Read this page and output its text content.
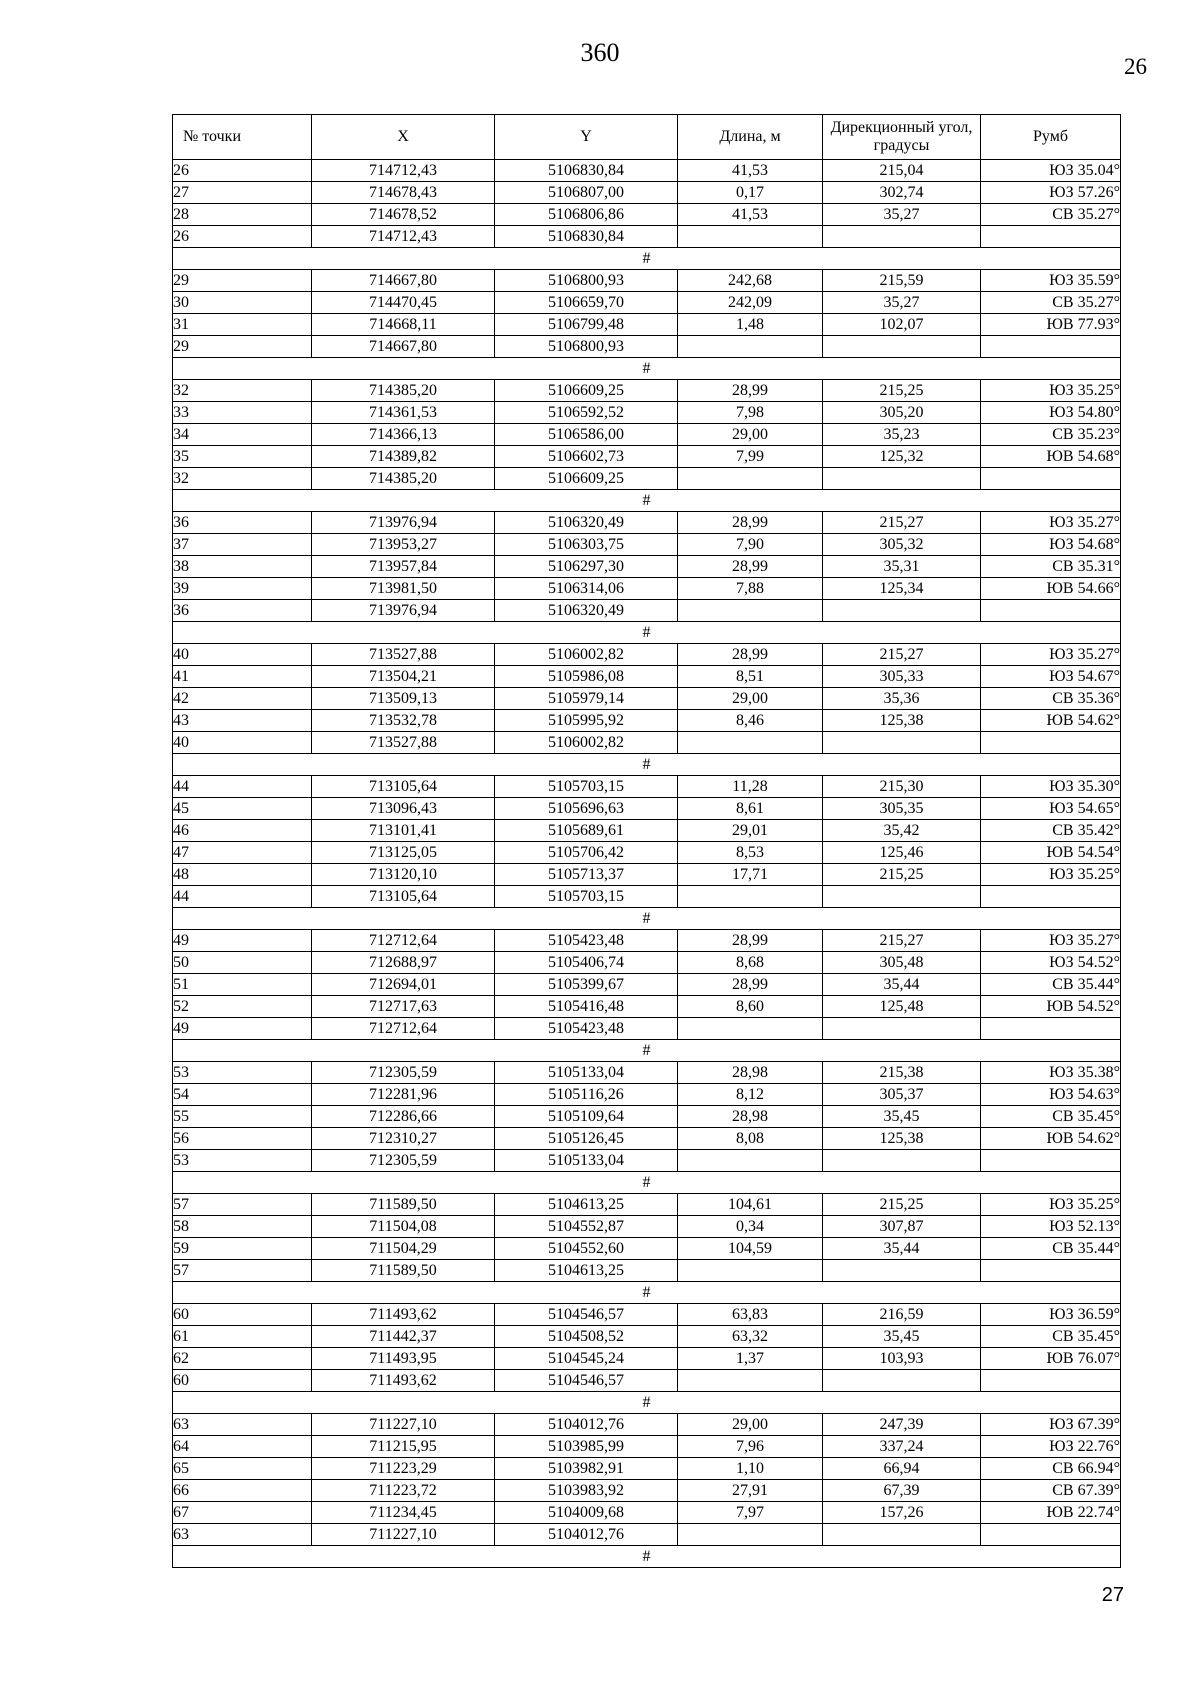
360	26
№ точки	X	Y	Длина, м	Дирекционный угол, градусы	Румб
26	714712,43	5106830,84	41,53	215,04	ЮЗ 35.04°
27	714678,43	5106807,00	0,17	302,74	ЮЗ 57.26°
28	714678,52	5106806,86	41,53	35,27	СВ 35.27°
26	714712,43	5106830,84			
#					
29	714667,80	5106800,93	242,68	215,59	ЮЗ 35.59°
30	714470,45	5106659,70	242,09	35,27	СВ 35.27°
31	714668,11	5106799,48	1,48	102,07	ЮВ 77.93°
29	714667,80	5106800,93			
#					
32	714385,20	5106609,25	28,99	215,25	ЮЗ 35.25°
33	714361,53	5106592,52	7,98	305,20	ЮЗ 54.80°
34	714366,13	5106586,00	29,00	35,23	СВ 35.23°
35	714389,82	5106602,73	7,99	125,32	ЮВ 54.68°
32	714385,20	5106609,25			
#					
36	713976,94	5106320,49	28,99	215,27	ЮЗ 35.27°
37	713953,27	5106303,75	7,90	305,32	ЮЗ 54.68°
38	713957,84	5106297,30	28,99	35,31	СВ 35.31°
39	713981,50	5106314,06	7,88	125,34	ЮВ 54.66°
36	713976,94	5106320,49			
#					
40	713527,88	5106002,82	28,99	215,27	ЮЗ 35.27°
41	713504,21	5105986,08	8,51	305,33	ЮЗ 54.67°
42	713509,13	5105979,14	29,00	35,36	СВ 35.36°
43	713532,78	5105995,92	8,46	125,38	ЮВ 54.62°
40	713527,88	5106002,82			
#					
44	713105,64	5105703,15	11,28	215,30	ЮЗ 35.30°
45	713096,43	5105696,63	8,61	305,35	ЮЗ 54.65°
46	713101,41	5105689,61	29,01	35,42	СВ 35.42°
47	713125,05	5105706,42	8,53	125,46	ЮВ 54.54°
48	713120,10	5105713,37	17,71	215,25	ЮЗ 35.25°
44	713105,64	5105703,15			
#					
49	712712,64	5105423,48	28,99	215,27	ЮЗ 35.27°
50	712688,97	5105406,74	8,68	305,48	ЮЗ 54.52°
51	712694,01	5105399,67	28,99	35,44	СВ 35.44°
52	712717,63	5105416,48	8,60	125,48	ЮВ 54.52°
49	712712,64	5105423,48			
#					
53	712305,59	5105133,04	28,98	215,38	ЮЗ 35.38°
54	712281,96	5105116,26	8,12	305,37	ЮЗ 54.63°
55	712286,66	5105109,64	28,98	35,45	СВ 35.45°
56	712310,27	5105126,45	8,08	125,38	ЮВ 54.62°
53	712305,59	5105133,04			
#					
57	711589,50	5104613,25	104,61	215,25	ЮЗ 35.25°
58	711504,08	5104552,87	0,34	307,87	ЮЗ 52.13°
59	711504,29	5104552,60	104,59	35,44	СВ 35.44°
57	711589,50	5104613,25			
#					
60	711493,62	5104546,57	63,83	216,59	ЮЗ 36.59°
61	711442,37	5104508,52	63,32	35,45	СВ 35.45°
62	711493,95	5104545,24	1,37	103,93	ЮВ 76.07°
60	711493,62	5104546,57			
#					
63	711227,10	5104012,76	29,00	247,39	ЮЗ 67.39°
64	711215,95	5103985,99	7,96	337,24	ЮЗ 22.76°
65	711223,29	5103982,91	1,10	66,94	СВ 66.94°
66	711223,72	5103983,92	27,91	67,39	СВ 67.39°
67	711234,45	5104009,68	7,97	157,26	ЮВ 22.74°
63	711227,10	5104012,76			
#					
27
